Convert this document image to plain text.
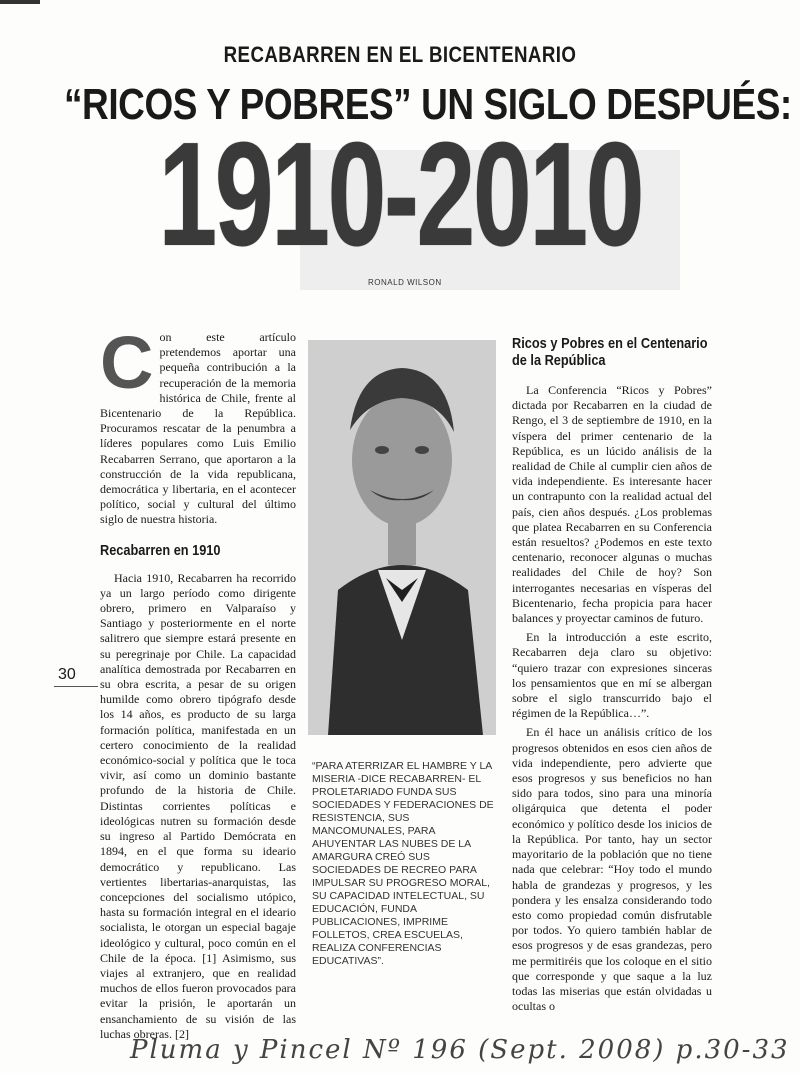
RECABARREN EN EL BICENTENARIO
“RICOS Y POBRES” UN SIGLO DESPUÉS:
1910-2010
RONALD WILSON
C on este artículo pretendemos aportar una pequeña contribución a la recuperación de la memoria histórica de Chile, frente al Bicentenario de la República. Procuramos rescatar de la penumbra a líderes populares como Luis Emilio Recabarren Serrano, que aportaron a la construcción de la vida republicana, democrática y libertaria, en el acontecer político, social y cultural del último siglo de nuestra historia.

Recabarren en 1910

Hacia 1910, Recabarren ha recorrido ya un largo período como dirigente obrero, primero en Valparaíso y Santiago y posteriormente en el norte salitrero que siempre estará presente en su peregrinaje por Chile. La capacidad analítica demostrada por Recabarren en su obra escrita, a pesar de su origen humilde como obrero tipógrafo desde los 14 años, es producto de su larga formación política, manifestada en un certero conocimiento de la realidad económico-social y política que le toca vivir, así como un dominio bastante profundo de la historia de Chile. Distintas corrientes políticas e ideológicas nutren su formación desde su ingreso al Partido Demócrata en 1894, en el que forma su ideario democrático y republicano. Las vertientes libertarias-anarquistas, las concepciones del socialismo utópico, hasta su formación integral en el ideario socialista, le otorgan un especial bagaje ideológico y cultural, poco común en el Chile de la época. [1] Asimismo, sus viajes al extranjero, que en realidad muchos de ellos fueron provocados para evitar la prisión, le aportarán un ensanchamiento de su visión de las luchas obreras. [2]

“PARA ATERRIZAR EL HAMBRE Y LA MISERIA -DICE RECABARREN- EL PROLETARIADO FUNDA SUS SOCIEDADES Y FEDERACIONES DE RESISTENCIA, SUS MANCOMUNALES, PARA AHUYENTAR LAS NUBES DE LA AMARGURA CREÓ SUS SOCIEDADES DE RECREO PARA IMPULSAR SU PROGRESO MORAL, SU CAPACIDAD INTELECTUAL, SU EDUCACIÓN, FUNDA PUBLICACIONES, IMPRIME FOLLETOS, CREA ESCUELAS, REALIZA CONFERENCIAS EDUCATIVAS”.
Ricos y Pobres en el Centenario de la República

La Conferencia “Ricos y Pobres” dictada por Recabarren en la ciudad de Rengo, el 3 de septiembre de 1910, en la víspera del primer centenario de la República, es un lúcido análisis de la realidad de Chile al cumplir cien años de vida independiente. Es interesante hacer un contrapunto con la realidad actual del país, cien años después. ¿Los problemas que platea Recabarren en su Conferencia están resueltos? ¿Podemos en este texto centenario, reconocer algunas o muchas realidades del Chile de hoy? Son interrogantes necesarias en vísperas del Bicentenario, fecha propicia para hacer balances y proyectar caminos de futuro.

En la introducción a este escrito, Recabarren deja claro su objetivo: “quiero trazar con expresiones sinceras los pensamientos que en mí se albergan sobre el siglo transcurrido bajo el régimen de la República…”.

En él hace un análisis crítico de los progresos obtenidos en esos cien años de vida independiente, pero advierte que esos progresos y sus beneficios no han sido para todos, sino para una minoría oligárquica que detenta el poder económico y político desde los inicios de la República. Por tanto, hay un sector mayoritario de la población que no tiene nada que celebrar: “Hoy todo el mundo habla de grandezas y progresos, y les pondera y les ensalza considerando todo esto como propiedad común disfrutable por todos. Yo quiero también hablar de esos progresos y de esas grandezas, pero me permitiréis que los coloque en el sitio que corresponde y que saque a la luz todas las miserias que están olvidadas u ocultas o

30
Pluma y Pincel Nº 196 (Sept. 2008) p.30-33
